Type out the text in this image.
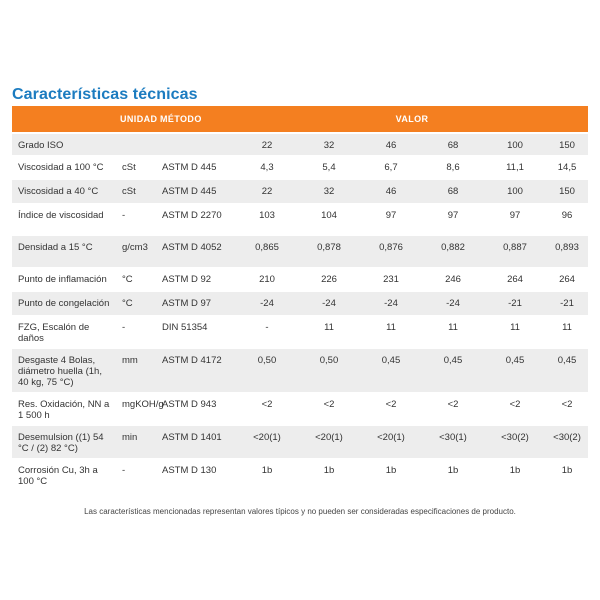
Características técnicas
	UNIDAD	MÉTODO	VALOR					
Grado ISO			22	32	46	68	100	150
Viscosidad a 100 °C	cSt	ASTM D 445	4,3	5,4	6,7	8,6	11,1	14,5
Viscosidad a 40 °C	cSt	ASTM D 445	22	32	46	68	100	150
Índice de viscosidad	-	ASTM D 2270	103	104	97	97	97	96
Densidad a 15 °C	g/cm3	ASTM D 4052	0,865	0,878	0,876	0,882	0,887	0,893
Punto de inflamación	°C	ASTM D 92	210	226	231	246	264	264
Punto de congelación	°C	ASTM D 97	-24	-24	-24	-24	-21	-21
FZG, Escalón de daños	-	DIN 51354	-	11	11	11	11	11
Desgaste 4 Bolas, diámetro huella (1h, 40 kg, 75 °C)	mm	ASTM D 4172	0,50	0,50	0,45	0,45	0,45	0,45
Res. Oxidación, NN a 1 500 h	mgKOH/g	ASTM D 943	<2	<2	<2	<2	<2	<2
Desemulsion ((1) 54 °C / (2) 82 °C)	min	ASTM D 1401	<20(1)	<20(1)	<20(1)	<30(1)	<30(2)	<30(2)
Corrosión Cu, 3h a 100 °C	-	ASTM D 130	1b	1b	1b	1b	1b	1b

Las características mencionadas representan valores típicos y no pueden ser consideradas especificaciones de producto.
